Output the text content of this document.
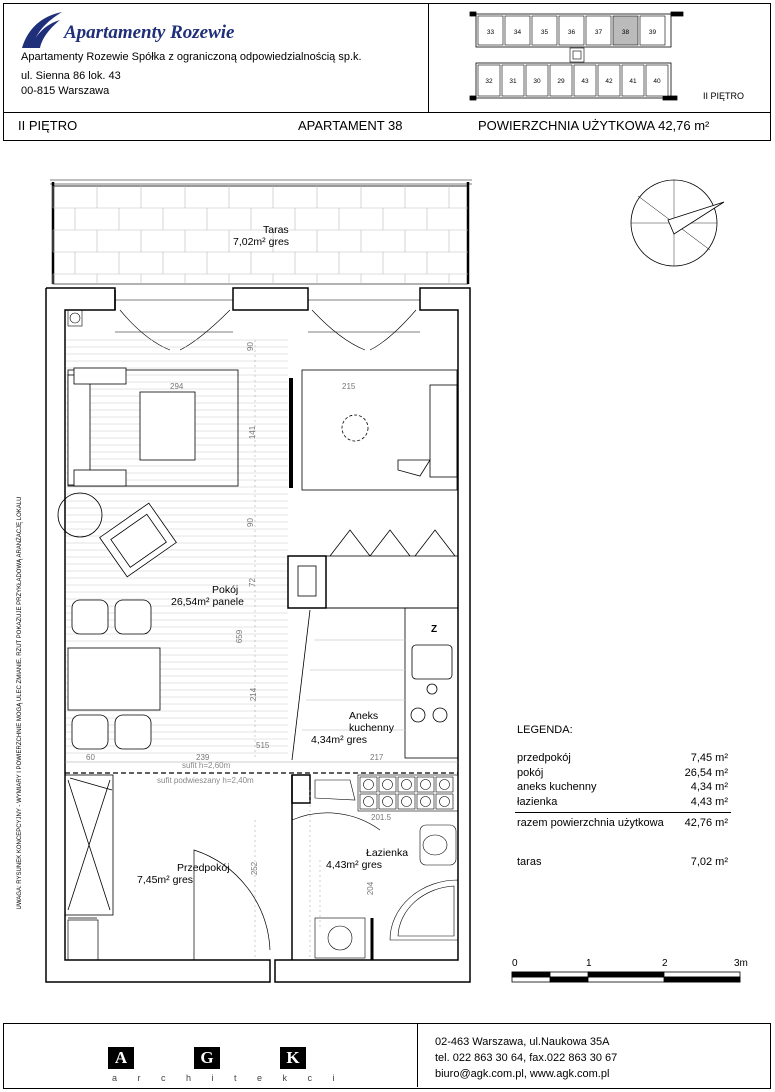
Apartamenty Rozewie
Apartamenty Rozewie Spółka z ograniczoną odpowiedzialnością sp.k.
ul. Sienna 86 lok. 43
00-815 Warszawa
33	34	35	36	37	38	39
32	31	30	29	43	42	41	40
II PIĘTRO
II PIĘTRO	APARTAMENT 38	POWIERZCHNIA UŻYTKOWA 42,76 m²
Taras
7,02m² gres
Pokój
26,54m² panele
Aneks
kuchenny
4,34m² gres
Przedpokój
7,45m² gres
Łazienka
4,43m² gres
Z
sufit h=2,60m
sufit podwieszany h=2,40m
294	215
90
141
90
72
659
214
60	239
515
217
201.5
252
204
UWAGA: RYSUNEK KONCEPCYJNY - WYMIARY I POWIERZCHNIE MOGĄ ULEC ZMIANIE. RZUT POKAZUJE PRZYKŁADOWĄ ARANŻACJĘ LOKALU	LEGENDA:
przedpokój	7,45 m²
pokój	26,54 m²
aneks kuchenny	4,34 m²
łazienka	4,43 m²
razem powierzchnia użytkowa	42,76 m²
taras	7,02 m²
0	1	2	3m
A	G	K
a r c h i t e k c i
02-463 Warszawa, ul.Naukowa 35A
tel. 022 863 30 64, fax.022 863 30 67
biuro@agk.com.pl, www.agk.com.pl
